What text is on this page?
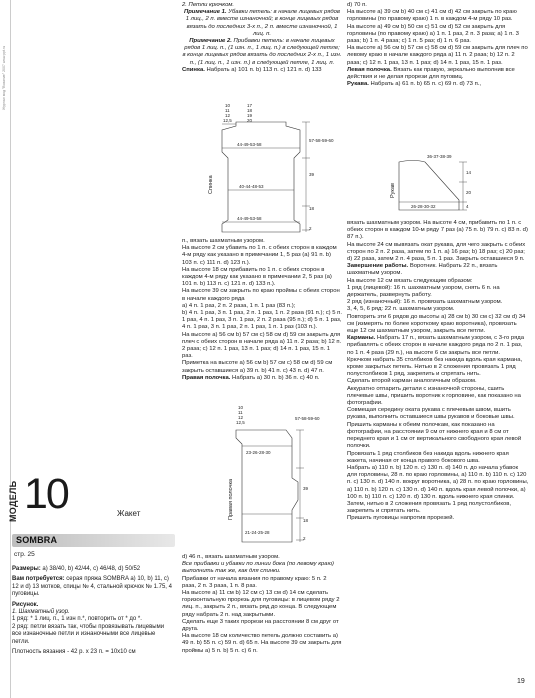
Журнал мод "Вязание" 2007 www.ppt.ru
МОДЕЛЬ 10	Жакет
SOMBRA
стр. 25

Размеры: а) 38/40, b) 42/44, c) 46/48, d) 50/52

Вам потребуется: серая пряжа SOMBRA а) 10, b) 11, с) 12 и d) 13 мотков, спицы № 4, стальной крючок № 1.75, 4 пуговицы.

Рисунок.
1. Шахматный узор.
1 ряд: * 1 лиц. п., 1 изн п.*, повторить от * до *.
2 ряд: петли вязать так, чтобы провязывать лицевыми все изнаночные петли и изнаночными все лицевые петли.

Плотность вязания - 42 р. x 23 п. = 10x10 см

2. Петли крючком.

Примечание 1. Убавки петель: в начале лицевых рядов 1 лиц., 2 п. вместе изнаночной; в конце лицевых рядов вязать до последних 3-х п., 2 п. вместе изнаночной, 1 лиц. п.

Примечание 2. Прибавки петель: в начале лицевых рядов 1 лиц. п., (1 изн. п., 1 лиц. п.) в следующей петле; в конце лицевых рядов вязать до последних 2-х п., 1 изн. п., (1 лиц. п., 1 изн. п.) в следующей петле, 1 лиц. п.

Спинка. Набрать а) 101 п. b) 113 п. с) 121 п. d) 133

10
11
12
12,5
17
18
19
20
57-58-59-60
44-49-53-58
39
40-44-48-53
18
44-49-53-58
2
Спинка

п., вязать шахматным узором.
На высоте 2 см убавить по 1 п. с обеих сторон в каждом 4-м ряду как указано в примечании 1, 5 раз (а) 91 п. b) 103 п. с) 111 п. d) 123 п.).
На высоте 18 см прибавить по 1 п. с обеих сторон в каждом 4-м ряду как указано в примечании 2, 5 раз (а) 101 п. b) 113 п. с) 121 п. d) 133 п.).
На высоте 39 см закрыть по краю проймы с обеих сторон в начале каждого ряда
а) 4 п. 1 раз, 2 п. 2 раза, 1 п. 1 раз (83 п.);
b) 4 п. 1 раз, 3 п. 1 раз, 2 п. 1 раз, 1 п. 2 раза (91 п.); c) 5 п. 1 раз, 4 п. 1 раз, 3 п. 1 раз, 2 п. 2 раза (95 п.); d) 5 п. 1 раз, 4 п. 1 раз, 3 п. 1 раз, 2 п. 1 раз, 1 п. 1 раз (103 п.).
На высоте а) 56 см b) 57 см с) 58 см d) 59 см закрыть для плеч с обеих сторон в начале ряда а) 11 п. 2 раза; b) 12 п. 2 раза; c) 12 п. 1 раз, 13 п. 1 раз; d) 14 п. 1 раз, 15 п. 1 раз.
Приметка на высоте а) 56 см b) 57 см с) 58 см d) 59 см закрыть оставшиеся а) 39 п. b) 41 п. с) 43 п. d) 47 п.

Правая полочка. Набрать а) 30 п. b) 36 п. с) 40 п.

10
11
12
12,5
57-58-59-60
23-26-28-30
39
18
21-24-25-28
2
Правая полочка

d) 46 п., вязать шахматным узором.

Все прибавки и убавки по линии бока (по левому краю) выполнить так же, как для спинки.

Прибавки от начала вязания по правому краю: 5 п. 2 раза, 2 п. 3 раза, 1 п. 8 раз.
На высоте а) 11 см b) 12 см с) 13 см d) 14 см сделать горизонтальную прорезь для пуговицы: в лицевом ряду 2 лиц. п., закрыть 2 п., вязать ряд до конца. В следующем ряду набрать 2 п. над закрытыми.
Сделать еще 3 таких прорези на расстоянии 8 см друг от друга.
На высоте 18 см количество петель должно составить а) 49 п. b) 55 п. с) 59 п. d) 65 п. На высоте 39 см закрыть для проймы а) 5 п. b) 5 п. с) 6 п.

d) 70 п.

На высоте а) 39 см b) 40 см с) 41 см d) 42 см закрыть по краю горловины (по правому краю) 1 п. в каждом 4-м ряду 10 раз.
На высоте а) 49 см b) 50 см c) 51 см d) 52 см закрыть для горловины (по правому краю) а) 1 п. 1 раз, 2 п. 3 раза; а) 1 п. 3 раза; b) 1 п. 4 раза; с) 1 п. 5 раз; d) 1 п. 6 раз.
На высоте а) 56 см b) 57 см с) 58 см d) 59 см закрыть для плеч по левому краю в начале каждого ряда а) 11 п. 2 раза; b) 12 п. 2 раза; с) 12 п. 1 раз, 13 п. 1 раз; d) 14 п. 1 раз, 15 п. 1 раз.

Левая полочка. Вязать как правую, зеркально выполнив все действия и не делая прорези для пуговиц.

Рукава. Набрать а) 61 п. b) 65 п. с) 69 п. d) 73 п.,

36-37-38-39
14
20
26-28-30-32	4
Рукав

вязать шахматным узором. На высоте 4 см, прибавить по 1 п. с обеих сторон в каждом 10-м ряду 7 раз (а) 75 п. b) 79 п. с) 83 п. d) 87 п.).
На высоте 24 см вывязать окат рукава, для чего закрыть с обеих сторон по 2 п. 2 раза, затем по 1 п. а) 16 раз; b) 18 раз; с) 20 раз; d) 22 раза, затем 2 п. 4 раза, 5 п. 1 раз. Закрыть оставшиеся 9 п.

Завершение работы. Воротник. Набрать 22 п., вязать шахматным узором.

На высоте 12 см вязать следующим образом:
1 ряд (лицевой): 16 п. шахматным узором, снять 6 п. на держатель, развернуть работу.
2 ряд (изнаночный): 16 п. провязать шахматным узором.
3, 4, 5, 6 ряд: 22 п. шахматным узором.
Повторить эти 6 рядов до высоты а) 28 см b) 30 см с) 32 см d) 34 см (измерять по более короткому краю воротника), провязать еще 12 см шахматным узором, закрыть все петли.

Карманы. Набрать 17 п., вязать шахматным узором, с 3-го ряда прибавлять с обеих сторон в начале каждого ряда по 2 п. 1 раз, по 1 п. 4 раза (29 п.), на высоте 6 см закрыть все петли.
Крючком набрать 35 столбиков без накида вдоль края кармана, кроме закрытых петель. Нитью в 2 сложения провязать 1 ряд полустолбиков 1 ряд, закрепить и спрятать нить.
Сделать второй карман аналогичным образом.
Аккуратно отпарить детали с изнаночной стороны, сшить плечевые швы, пришить воротник к горловине, как показано на фотографии.
Совмещая середину оката рукава с плечевым швом, вшить рукава, выполнить оставшиеся швы рукавов и боковые швы.
Пришить карманы к обеим полочкам, как показано на фотографии, на расстоянии 9 см от нижнего края и 8 см от переднего края и 1 см от вертикального свободного края левой полочки.
Провязать 1 ряд столбиков без накида вдоль нижнего края жакета, начиная от конца правого бокового шва.
Набрать а) 110 п. b) 120 п. с) 130 п. d) 140 п. до начала убавок для горловины, 28 п. по краю горловины, а) 110 п. b) 110 п. с) 120 п. с) 130 п. d) 140 п. вокруг воротника, а) 28 п. по краю горловины, а) 110 п. b) 120 п. с) 130 п. d) 140 п. вдоль края левой полочки, а) 100 п. b) 110 п. с) 120 п. d) 130 п. вдоль нижнего края спинки.
Затем, нитью в 2 сложения провязать 1 ряд полустолбиков, закрепить и спрятать нить.
Пришить пуговицы напротив прорезей.

19
